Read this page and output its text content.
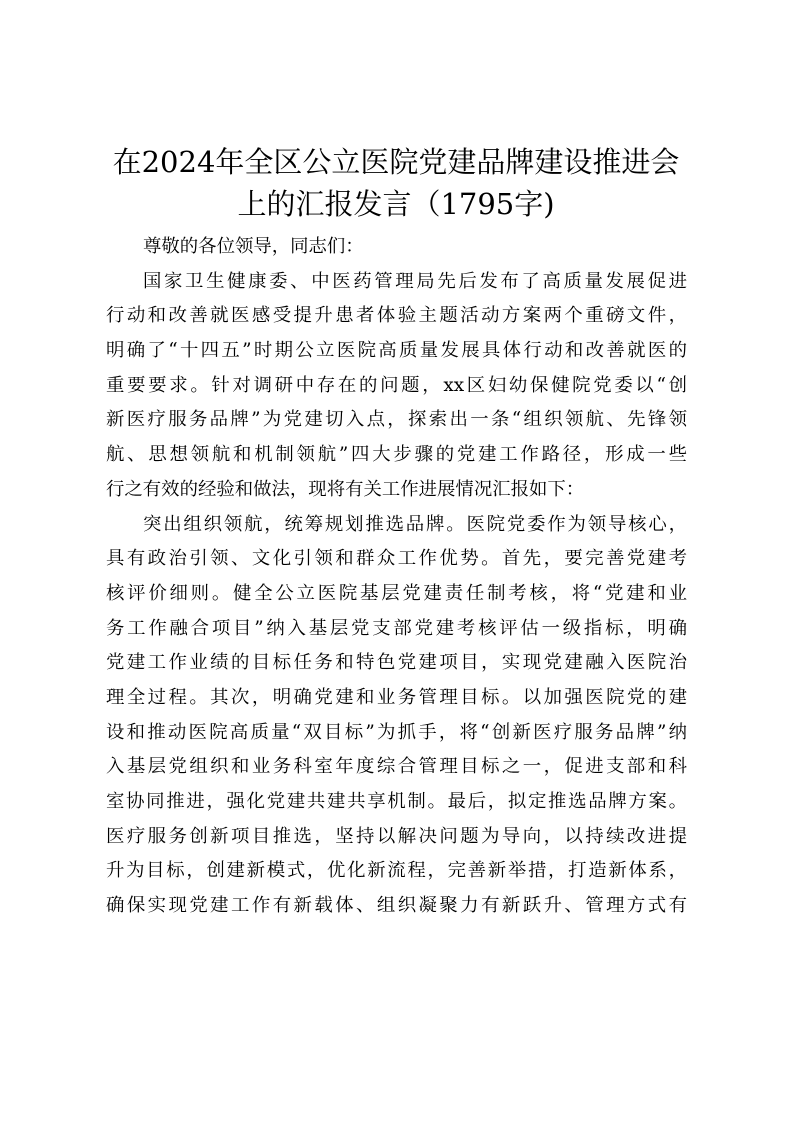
在2024年全区公立医院党建品牌建设推进会
上的汇报发言（1795字)
尊敬的各位领导，同志们：
国家卫生健康委、中医药管理局先后发布了高质量发展促进
行动和改善就医感受提升患者体验主题活动方案两个重磅文件，
明确了“十四五”时期公立医院高质量发展具体行动和改善就医的
重要要求。针对调研中存在的问题，xx区妇幼保健院党委以“创
新医疗服务品牌”为党建切入点，探索出一条“组织领航、先锋领
航、思想领航和机制领航”四大步骤的党建工作路径，形成一些
行之有效的经验和做法，现将有关工作进展情况汇报如下：
突出组织领航，统筹规划推选品牌。医院党委作为领导核心，
具有政治引领、文化引领和群众工作优势。首先，要完善党建考
核评价细则。健全公立医院基层党建责任制考核，将“党建和业
务工作融合项目”纳入基层党支部党建考核评估一级指标，明确
党建工作业绩的目标任务和特色党建项目，实现党建融入医院治
理全过程。其次，明确党建和业务管理目标。以加强医院党的建
设和推动医院高质量“双目标”为抓手，将“创新医疗服务品牌”纳
入基层党组织和业务科室年度综合管理目标之一，促进支部和科
室协同推进，强化党建共建共享机制。最后，拟定推选品牌方案。
医疗服务创新项目推选，坚持以解决问题为导向，以持续改进提
升为目标，创建新模式，优化新流程，完善新举措，打造新体系，
确保实现党建工作有新载体、组织凝聚力有新跃升、管理方式有
